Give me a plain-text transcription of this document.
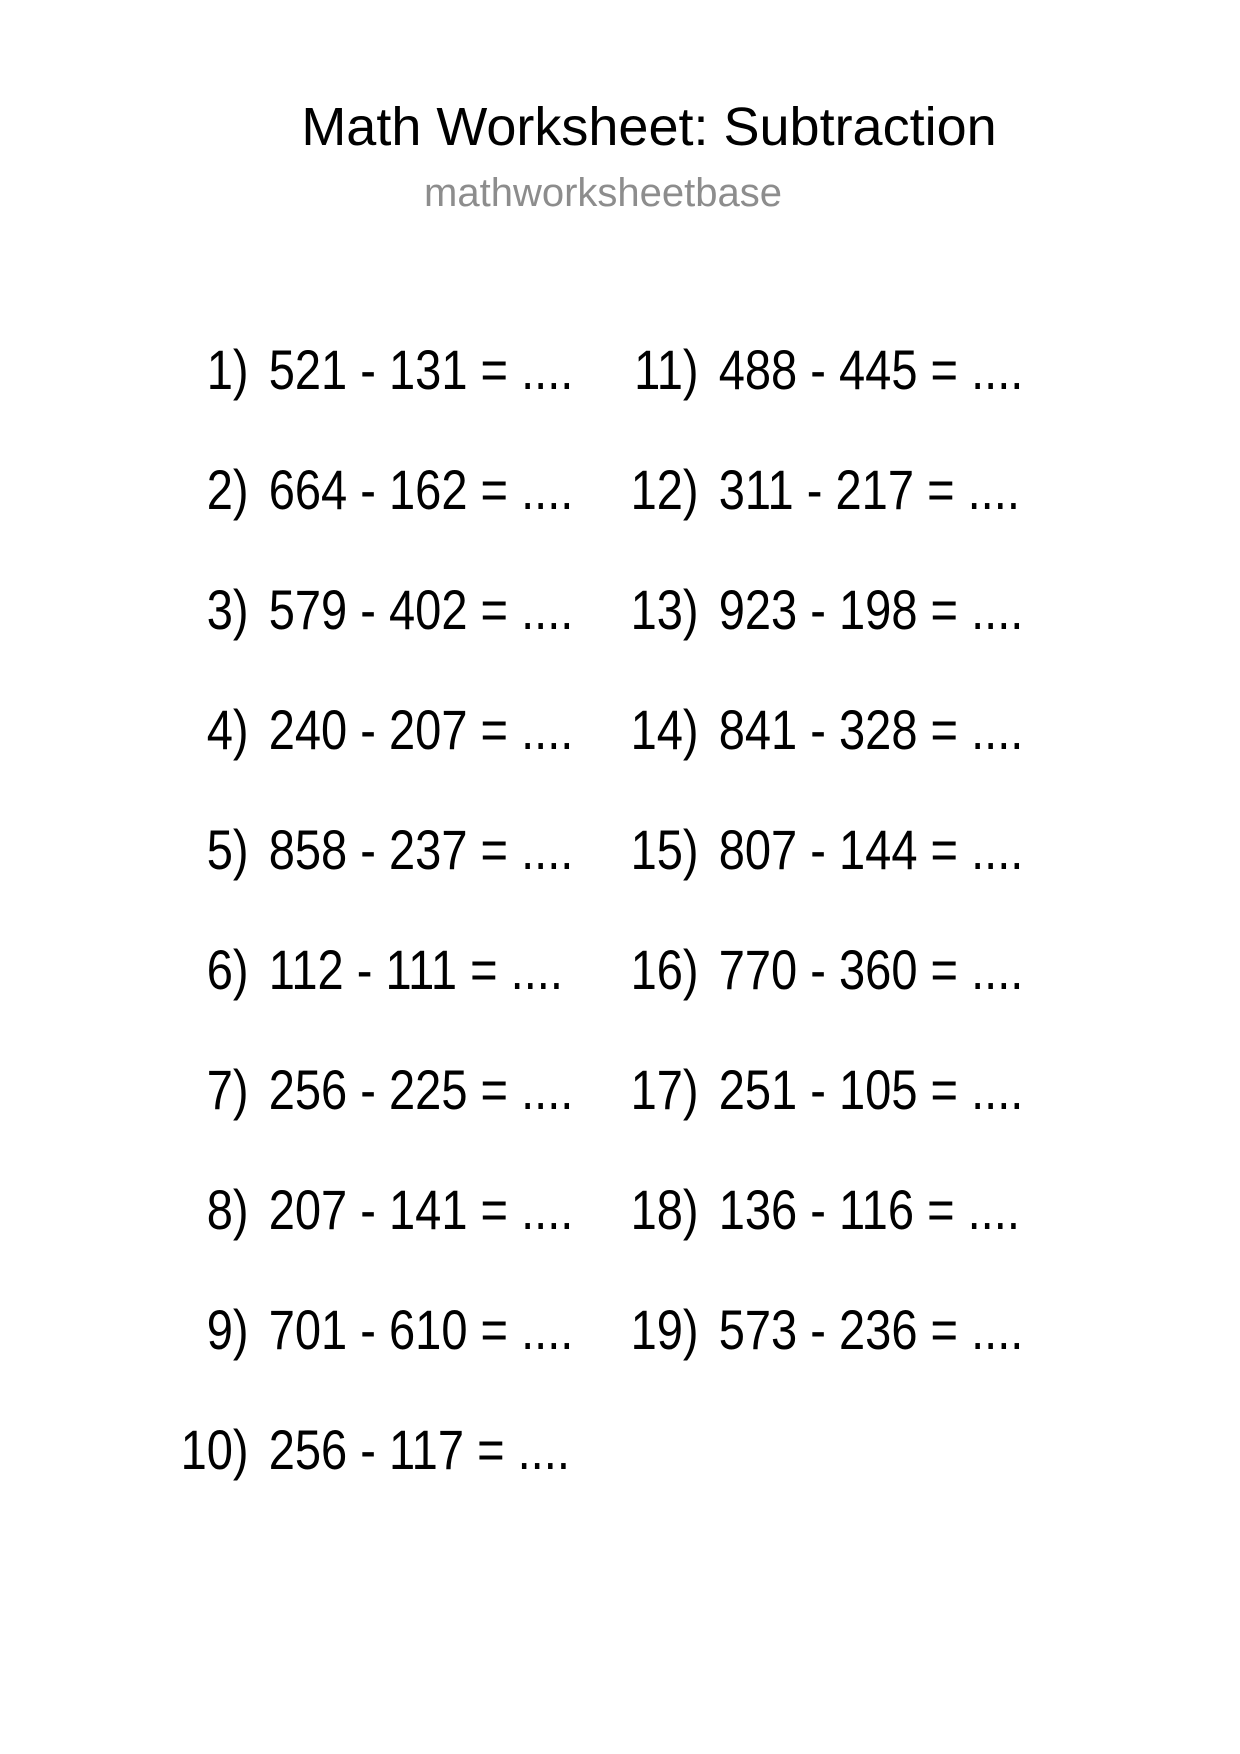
Math Worksheet: Subtraction
mathworksheetbase
1) 521 - 131 = ....
2) 664 - 162 = ....
3) 579 - 402 = ....
4) 240 - 207 = ....
5) 858 - 237 = ....
6) 112 - 111 = ....
7) 256 - 225 = ....
8) 207 - 141 = ....
9) 701 - 610 = ....
10) 256 - 117 = ....
11) 488 - 445 = ....
12) 311 - 217 = ....
13) 923 - 198 = ....
14) 841 - 328 = ....
15) 807 - 144 = ....
16) 770 - 360 = ....
17) 251 - 105 = ....
18) 136 - 116 = ....
19) 573 - 236 = ....
